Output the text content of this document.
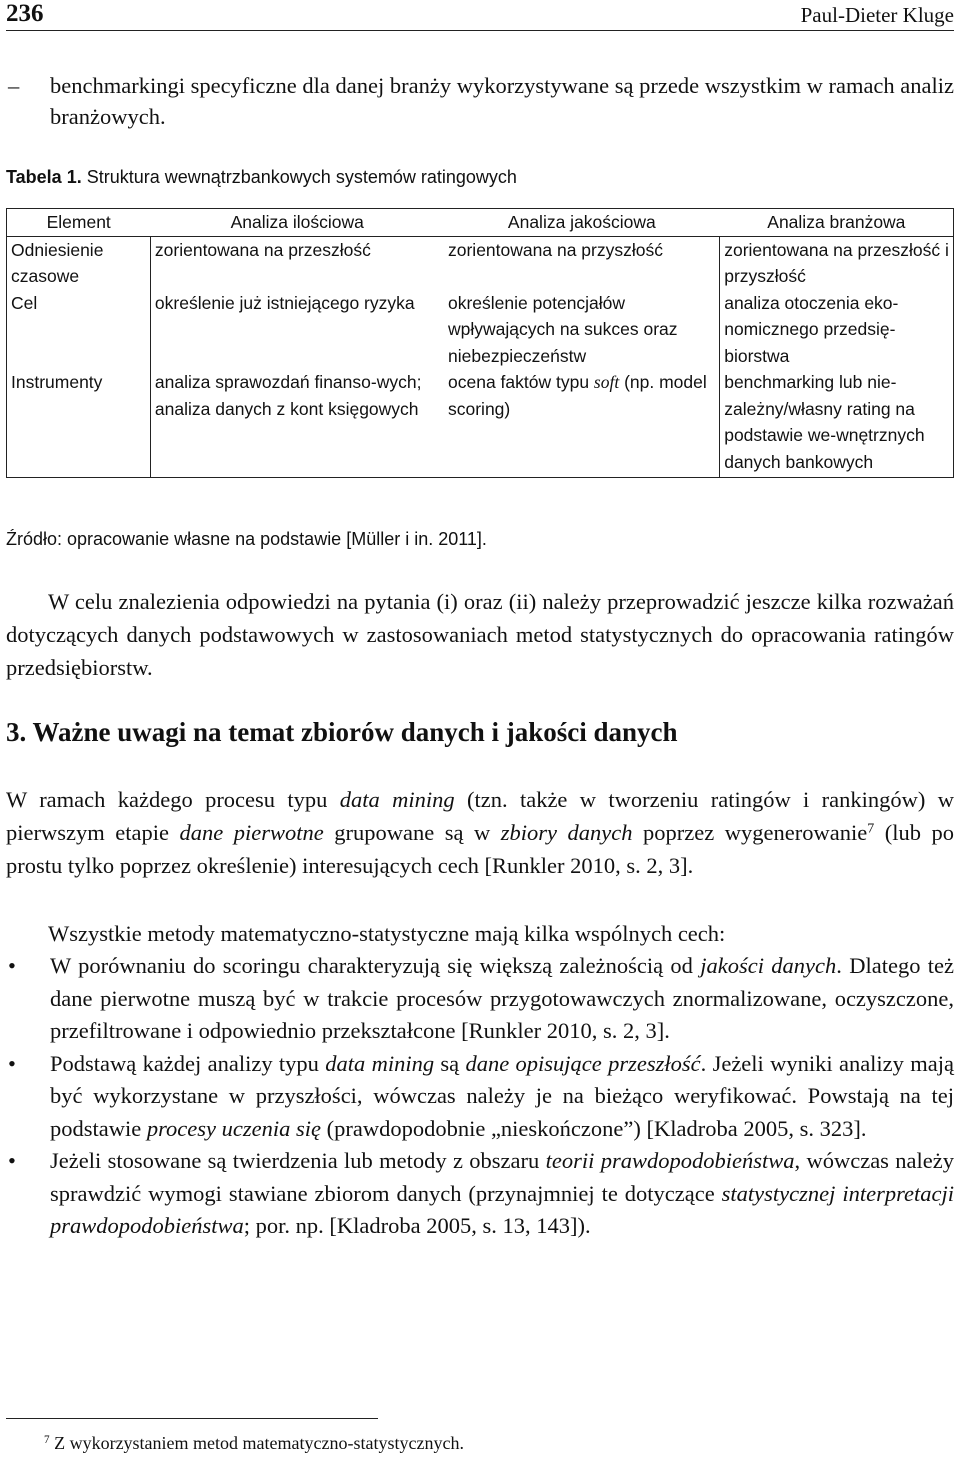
236	Paul-Dieter Kluge
– benchmarkingi specyficzne dla danej branży wykorzystywane są przede wszystkim w ramach analiz branżowych.
Tabela 1. Struktura wewnątrzbankowych systemów ratingowych
Element	Analiza ilościowa	Analiza jakościowa	Analiza branżowa
Odniesienie czasowe	zorientowana na przeszłość	zorientowana na przyszłość	zorientowana na przeszłość i przyszłość
Cel	określenie już istniejącego ryzyka	określenie potencjałów wpływających na sukces oraz niebezpieczeństw	analiza otoczenia eko-nomicznego przedsię-biorstwa
Instrumenty	analiza sprawozdań finanso-wych; analiza danych z kont księgowych	ocena faktów typu soft (np. model scoring)	benchmarking lub nie-zależny/własny rating na podstawie we-wnętrznych danych bankowych
Źródło: opracowanie własne na podstawie [Müller i in. 2011].
W celu znalezienia odpowiedzi na pytania (i) oraz (ii) należy przeprowadzić jeszcze kilka rozważań dotyczących danych podstawowych w zastosowaniach metod statystycznych do opracowania ratingów przedsiębiorstw.
3. Ważne uwagi na temat zbiorów danych i jakości danych
W ramach każdego procesu typu data mining (tzn. także w tworzeniu ratingów i rankingów) w pierwszym etapie dane pierwotne grupowane są w zbiory danych poprzez wygenerowanie$^7$ (lub po prostu tylko poprzez określenie) interesujących cech [Runkler 2010, s. 2, 3].
Wszystkie metody matematyczno-statystyczne mają kilka wspólnych cech:
• W porównaniu do scoringu charakteryzują się większą zależnością od jakości danych. Dlatego też dane pierwotne muszą być w trakcie procesów przygotowawczych znormalizowane, oczyszczone, przefiltrowane i odpowiednio przekształcone [Runkler 2010, s. 2, 3].
• Podstawą każdej analizy typu data mining są dane opisujące przeszłość. Jeżeli wyniki analizy mają być wykorzystane w przyszłości, wówczas należy je na bieżąco weryfikować. Powstają na tej podstawie procesy uczenia się (prawdopodobnie „nieskończone”) [Kladroba 2005, s. 323].
• Jeżeli stosowane są twierdzenia lub metody z obszaru teorii prawdopodobieństwa, wówczas należy sprawdzić wymogi stawiane zbiorom danych (przynajmniej te dotyczące statystycznej interpretacji prawdopodobieństwa; por. np. [Kladroba 2005, s. 13, 143]).
$^7$ Z wykorzystaniem metod matematyczno-statystycznych.
